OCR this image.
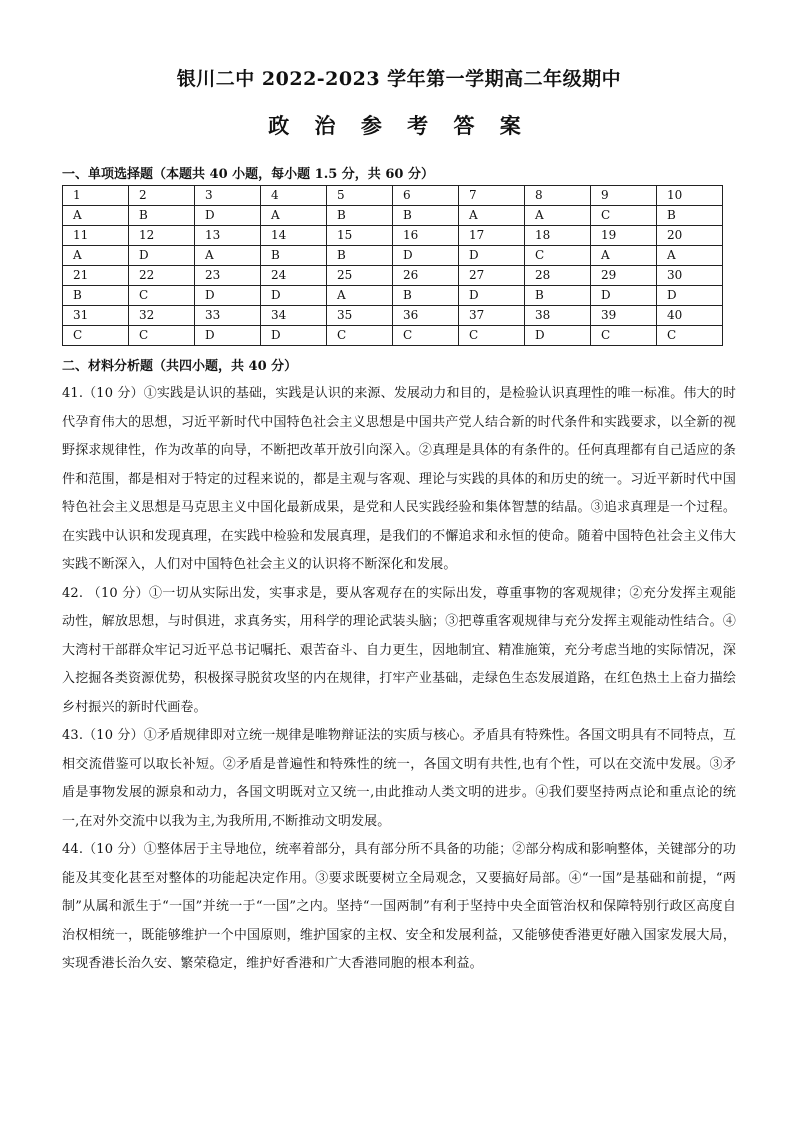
银川二中 2022-2023 学年第一学期高二年级期中
政 治 参 考 答 案

一、单项选择题（本题共 40 小题，每小题 1.5 分，共 60 分）

1	2	3	4	5	6	7	8	9	10
A	B	D	A	B	B	A	A	C	B
11	12	13	14	15	16	17	18	19	20
A	D	A	B	B	D	D	C	A	A
21	22	23	24	25	26	27	28	29	30
B	C	D	D	A	B	D	B	D	D
31	32	33	34	35	36	37	38	39	40
C	C	D	D	C	C	C	D	C	C

二、材料分析题（共四小题，共 40 分）

41.（10 分）①实践是认识的基础，实践是认识的来源、发展动力和目的，是检验认识真理性的唯一标准。伟大的时代孕育伟大的思想，习近平新时代中国特色社会主义思想是中国共产党人结合新的时代条件和实践要求，以全新的视野探求规律性，作为改革的向导，不断把改革开放引向深入。②真理是具体的有条件的。任何真理都有自己适应的条件和范围，都是相对于特定的过程来说的，都是主观与客观、理论与实践的具体的和历史的统一。习近平新时代中国特色社会主义思想是马克思主义中国化最新成果，是党和人民实践经验和集体智慧的结晶。③追求真理是一个过程。在实践中认识和发现真理，在实践中检验和发展真理，是我们的不懈追求和永恒的使命。随着中国特色社会主义伟大实践不断深入，人们对中国特色社会主义的认识将不断深化和发展。

42. （10 分）①一切从实际出发，实事求是，要从客观存在的实际出发，尊重事物的客观规律；②充分发挥主观能动性，解放思想，与时俱进，求真务实，用科学的理论武装头脑；③把尊重客观规律与充分发挥主观能动性结合。④大湾村干部群众牢记习近平总书记嘱托、艰苦奋斗、自力更生，因地制宜、精准施策，充分考虑当地的实际情况，深入挖掘各类资源优势，积极探寻脱贫攻坚的内在规律，打牢产业基础，走绿色生态发展道路，在红色热土上奋力描绘乡村振兴的新时代画卷。

43.（10 分）①矛盾规律即对立统一规律是唯物辩证法的实质与核心。矛盾具有特殊性。各国文明具有不同特点，互相交流借鉴可以取长补短。②矛盾是普遍性和特殊性的统一，各国文明有共性,也有个性，可以在交流中发展。③矛盾是事物发展的源泉和动力，各国文明既对立又统一,由此推动人类文明的进步。④我们要坚持两点论和重点论的统一,在对外交流中以我为主,为我所用,不断推动文明发展。

44.（10 分）①整体居于主导地位，统率着部分，具有部分所不具备的功能；②部分构成和影响整体，关键部分的功能及其变化甚至对整体的功能起决定作用。③要求既要树立全局观念，又要搞好局部。④“一国”是基础和前提，“两制”从属和派生于“一国”并统一于“一国”之内。坚持“一国两制”有利于坚持中央全面管治权和保障特别行政区高度自治权相统一，既能够维护一个中国原则，维护国家的主权、安全和发展利益，又能够使香港更好融入国家发展大局，实现香港长治久安、繁荣稳定，维护好香港和广大香港同胞的根本利益。
